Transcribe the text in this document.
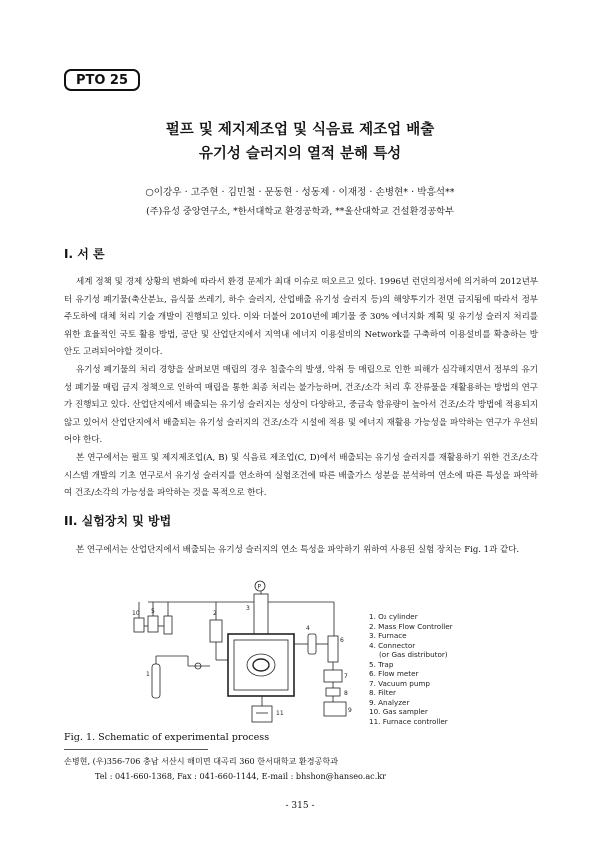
PTO 25
펄프 및 제지제조업 및 식음료 제조업 배출
유기성 슬러지의 열적 분해 특성
○이강우 · 고주현 · 김민철 · 문동현 · 성동제 · 이재정 · 손병현* · 박흥석**
(주)유성 중앙연구소, *한서대학교 환경공학과, **울산대학교 건설환경공학부
I. 서 론

세계 정책 및 경제 상황의 변화에 따라서 환경 문제가 최대 이슈로 떠오르고 있다. 1996년 런던의정서에 의거하여 2012년부터 유기성 폐기물(축산분뇨, 음식물 쓰레기, 하수 슬러지, 산업배출 유기성 슬러지 등)의 해양투기가 전면 금지됨에 따라서 정부주도하에 대체 처리 기술 개발이 진행되고 있다. 이와 더불어 2010년에 폐기물 중 30% 에너지화 계획 및 유기성 슬러지 처리를 위한 효율적인 국토 활용 방법, 공단 및 산업단지에서 지역내 에너지 이용설비의 Network를 구축하여 이용설비를 확충하는 방안도 고려되어야할 것이다.

유기성 폐기물의 처리 경향을 살펴보면 매립의 경우 침출수의 발생, 악취 등 매립으로 인한 피해가 심각해지면서 정부의 유기성 폐기물 매립 금지 정책으로 인하여 매립을 통한 최종 처리는 불가능하며, 건조/소각 처리 후 잔류물을 재활용하는 방법의 연구가 진행되고 있다. 산업단지에서 배출되는 유기성 슬러지는 성상이 다양하고, 중금속 함유량이 높아서 건조/소각 방법에 적용되지 않고 있어서 산업단지에서 배출되는 유기성 슬러지의 건조/소각 시설에 적용 및 에너지 재활용 가능성을 파악하는 연구가 우선되어야 한다.

본 연구에서는 펄프 및 제지제조업(A, B) 및 식음료 제조업(C, D)에서 배출되는 유기성 슬러지를 재활용하기 위한 건조/소각 시스템 개발의 기초 연구로서 유기성 슬러지를 연소하여 실험조건에 따른 배출가스 성분을 분석하여 연소에 따른 특성을 파악하여 건조/소각의 가능성을 파악하는 것을 목적으로 한다.

II. 실험장치 및 방법

본 연구에서는 산업단지에서 배출되는 유기성 슬러지의 연소 특성을 파악하기 위하여 사용된 실험 장치는 Fig. 1과 같다.

P
10 5	2
1
4
6
7
8
9
3
11
1. O₂ cylinder
2. Mass Flow Controller
3. Furnace
4. Connector
(or Gas distributor)
5. Trap
6. Flow meter
7. Vacuum pump
8. Filter
9. Analyzer
10. Gas sampler
11. Furnace controller
Fig. 1. Schematic of experimental process
손병현, (우)356-706 충남 서산시 해미면 대곡리 360 한서대학교 환경공학과
Tel : 041-660-1368, Fax : 041-660-1144, E-mail : bhshon@hanseo.ac.kr
- 315 -
